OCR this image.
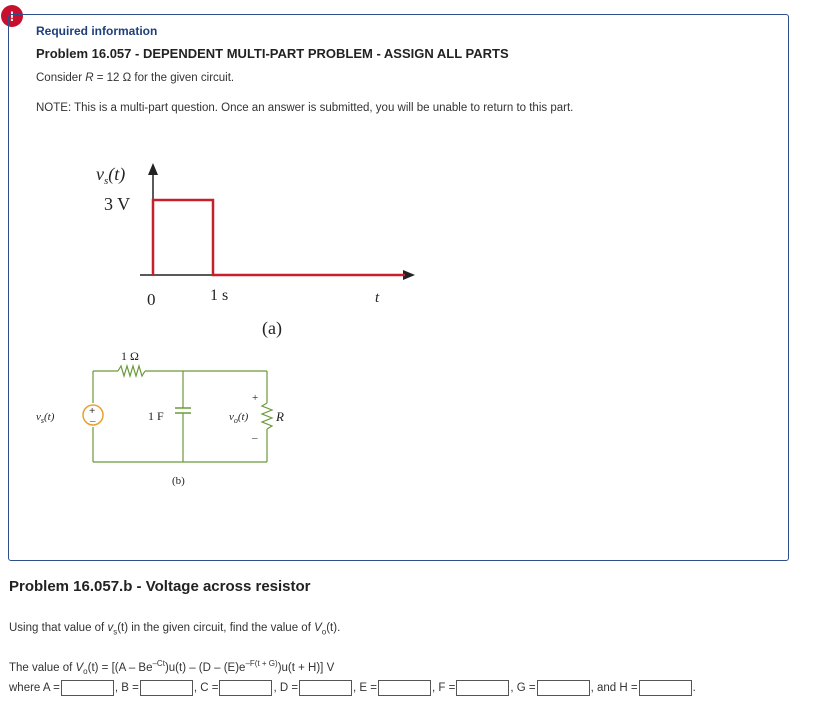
!
Required information
Problem 16.057 - DEPENDENT MULTI-PART PROBLEM - ASSIGN ALL PARTS
Consider R = 12 Ω for the given circuit.
NOTE: This is a multi-part question. Once an answer is submitted, you will be unable to return to this part.
$v_s(t)$
3 V
0	1 s	t
(a)
+
–
1 Ω
$v_s(t)$	1 F	$v_o(t)$
+
–
R
(b)
Problem 16.057.b - Voltage across resistor
Using that value of $v_s(t)$ in the given circuit, find the value of $V_o(t)$.
The value of $V_o(t) = [(A - Be^{-Ct})u(t) - (D - (E)e^{-F(t + G)})u(t + H)]$ V
where A =	, B =	, C =	, D =	, E =	, F =	, G =	, and H =	.
